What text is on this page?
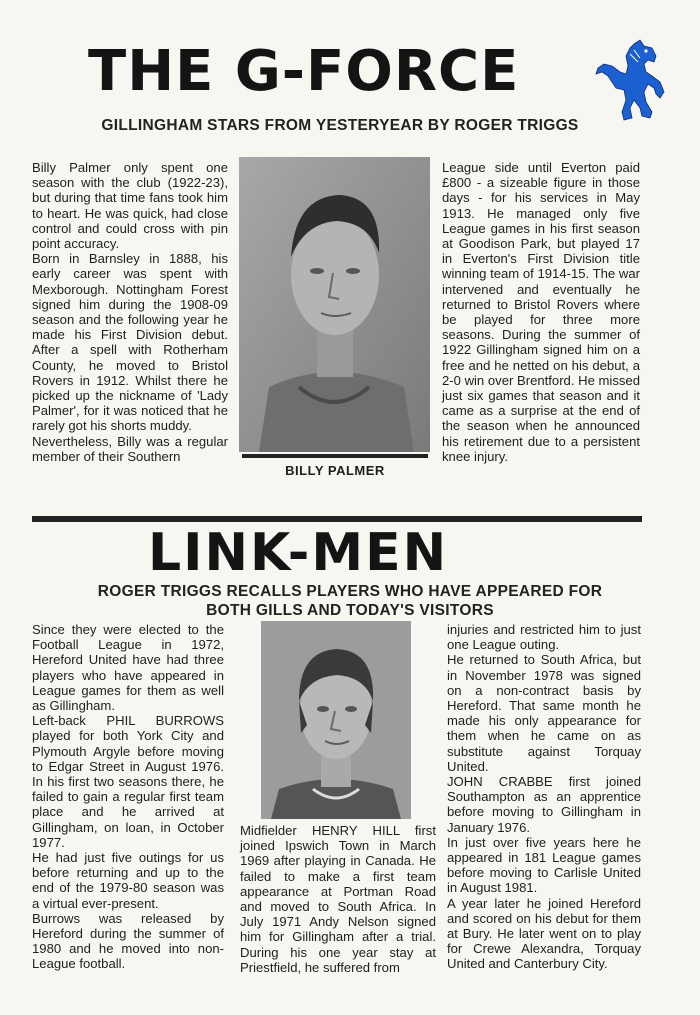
THE G-FORCE
GILLINGHAM STARS FROM YESTERYEAR BY ROGER TRIGGS

Billy Palmer only spent one season with the club (1922-23), but during that time fans took him to heart. He was quick, had close control and could cross with pin point accuracy.

Born in Barnsley in 1888, his early career was spent with Mexborough. Nottingham Forest signed him during the 1908-09 season and the following year he made his First Division debut. After a spell with Rotherham County, he moved to Bristol Rovers in 1912. Whilst there he picked up the nickname of 'Lady Palmer', for it was noticed that he rarely got his shorts muddy.

Nevertheless, Billy was a regular member of their Southern

BILLY PALMER

League side until Everton paid £800 - a sizeable figure in those days - for his services in May 1913. He managed only five League games in his first season at Goodison Park, but played 17 in Everton's First Division title winning team of 1914-15. The war intervened and eventually he returned to Bristol Rovers where be played for three more seasons. During the summer of 1922 Gillingham signed him on a free and he netted on his debut, a 2-0 win over Brentford. He missed just six games that season and it came as a surprise at the end of the season when he announced his retirement due to a persistent knee injury.

LINK-MEN
ROGER TRIGGS RECALLS PLAYERS WHO HAVE APPEARED FOR
BOTH GILLS AND TODAY'S VISITORS

Since they were elected to the Football League in 1972, Hereford United have had three players who have appeared in League games for them as well as Gillingham.

Left-back PHIL BURROWS played for both York City and Plymouth Argyle before moving to Edgar Street in August 1976. In his first two seasons there, he failed to gain a regular first team place and he arrived at Gillingham, on loan, in October 1977.

He had just five outings for us before returning and up to the end of the 1979-80 season was a virtual ever-present.

Burrows was released by Hereford during the summer of 1980 and he moved into non-League football.

Midfielder HENRY HILL first joined Ipswich Town in March 1969 after playing in Canada. He failed to make a first team appearance at Portman Road and moved to South Africa. In July 1971 Andy Nelson signed him for Gillingham after a trial. During his one year stay at Priestfield, he suffered from

injuries and restricted him to just one League outing.

He returned to South Africa, but in November 1978 was signed on a non-contract basis by Hereford. That same month he made his only appearance for them when he came on as substitute against Torquay United.

JOHN CRABBE first joined Southampton as an apprentice before moving to Gillingham in January 1976.

In just over five years here he appeared in 181 League games before moving to Carlisle United in August 1981.

A year later he joined Hereford and scored on his debut for them at Bury. He later went on to play for Crewe Alexandra, Torquay United and Canterbury City.
